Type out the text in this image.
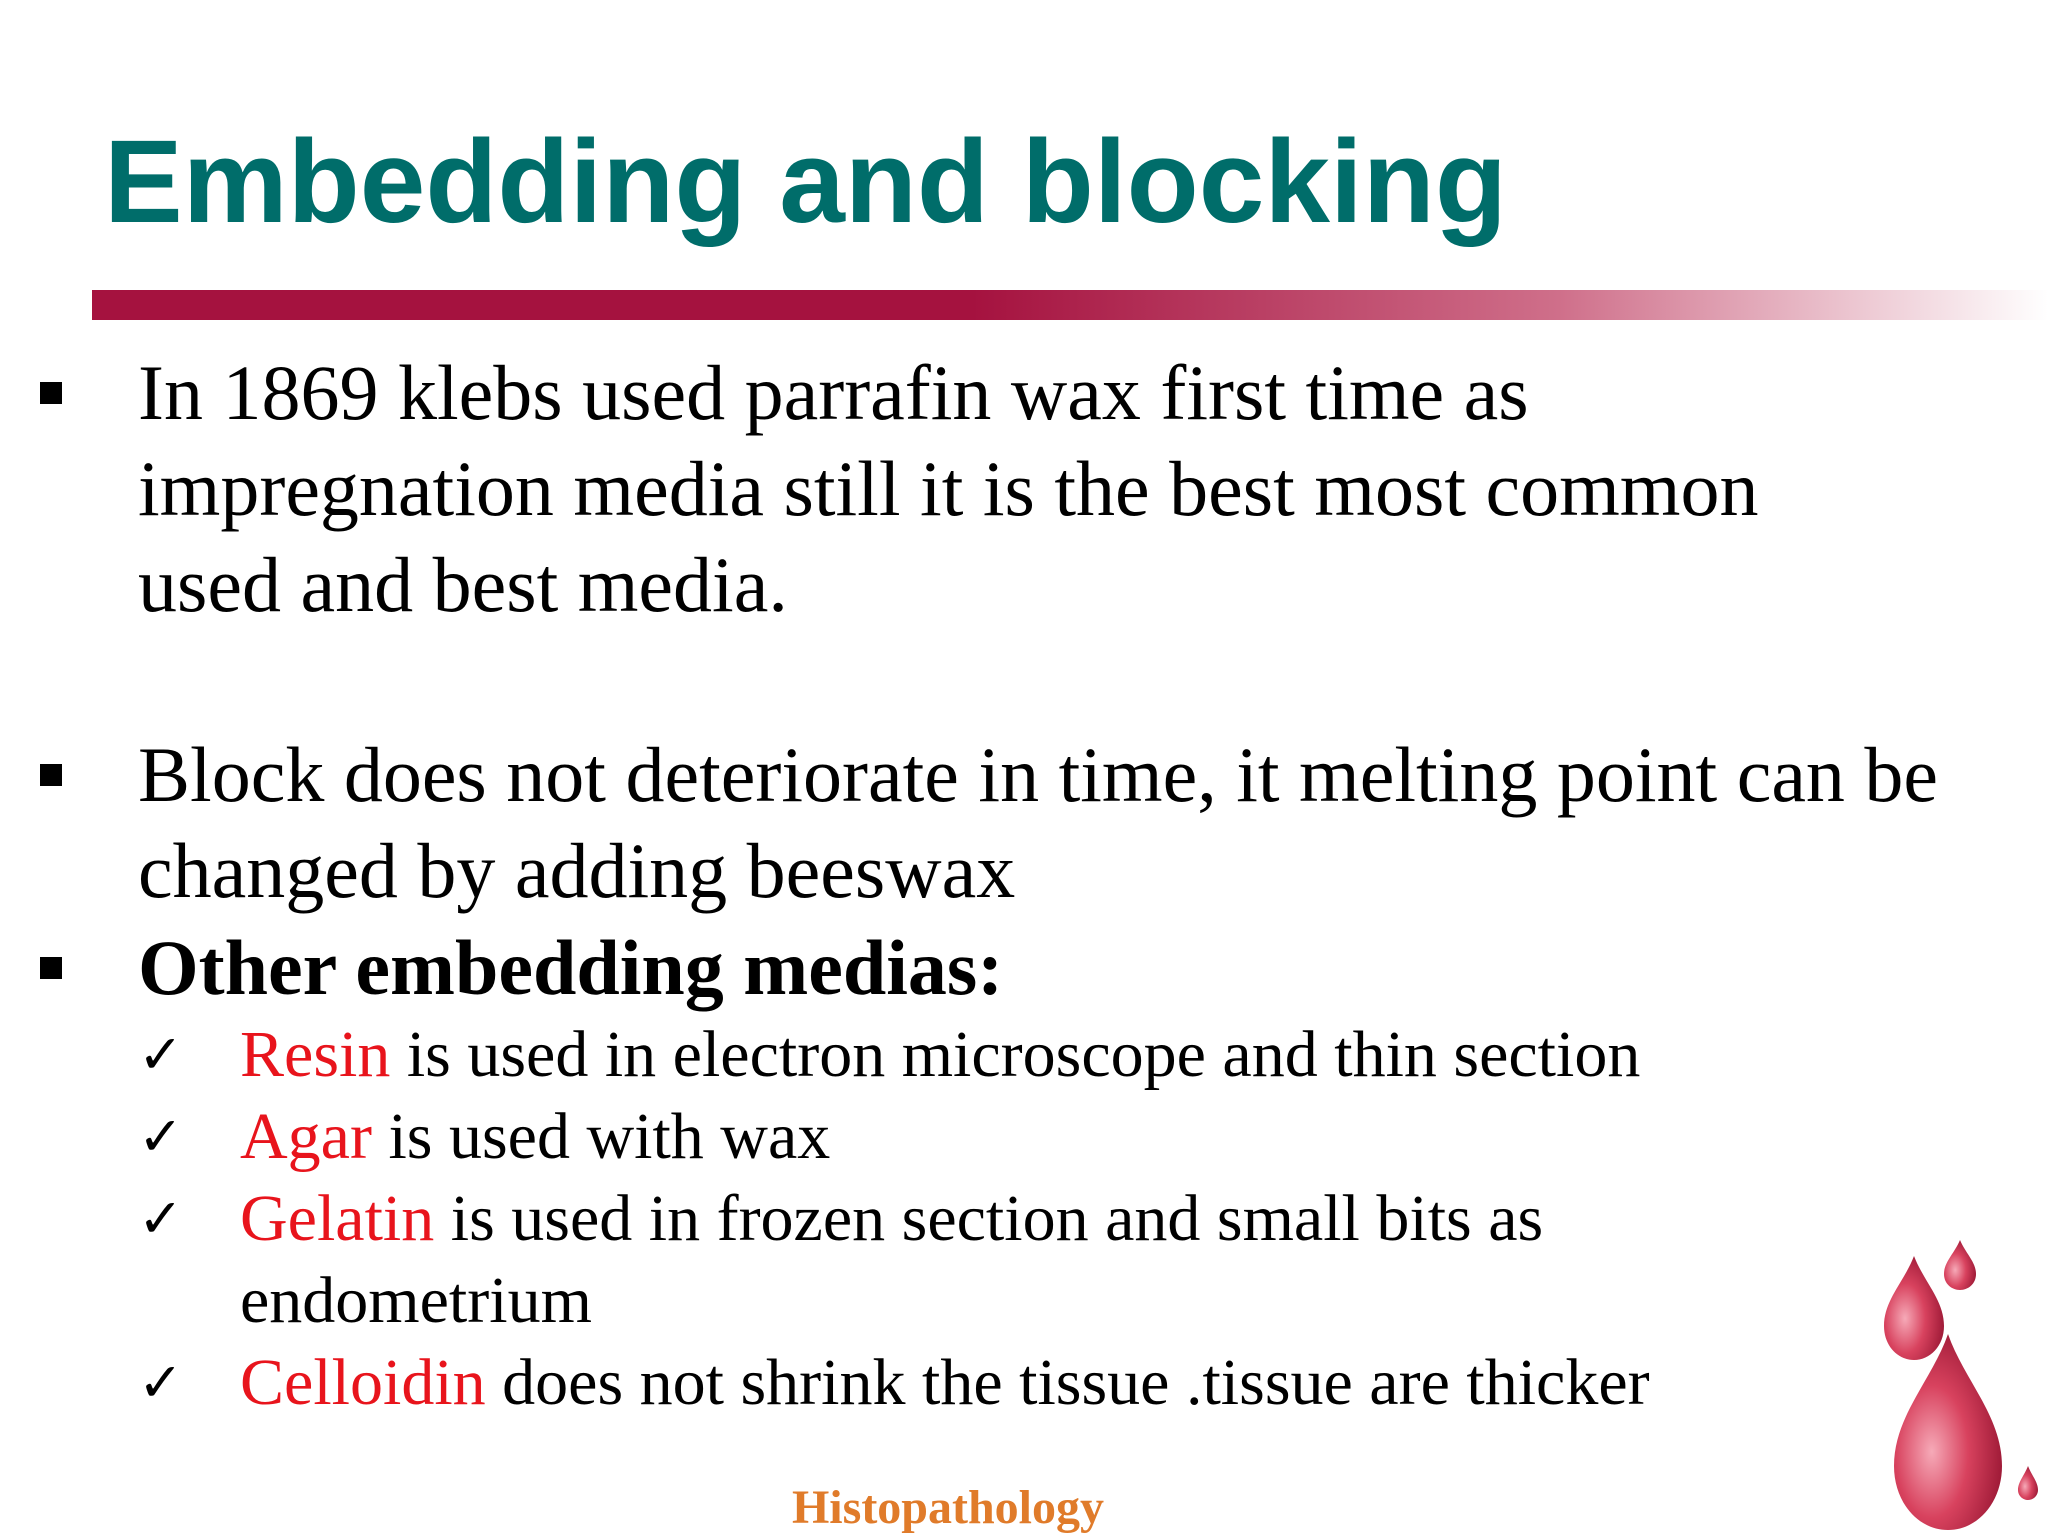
Embedding and blocking
In 1869 klebs used parrafin wax first time as impregnation media still it is the best most common used and best media.
Block does not deteriorate in time, it melting point can be changed by adding beeswax
Other embedding medias:
✓ Resin is used in electron microscope and thin section
✓ Agar is used with wax
✓ Gelatin is used in frozen section and small bits as endometrium
✓ Celloidin does not shrink the tissue .tissue are thicker
Histopathology
